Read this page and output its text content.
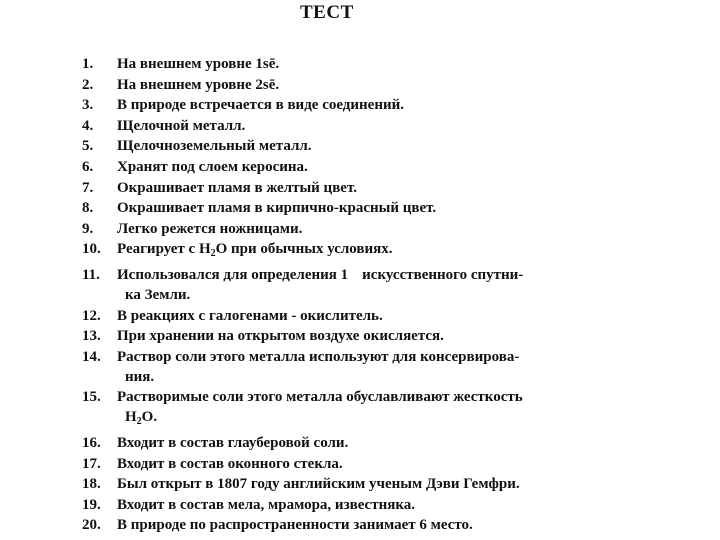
ТЕСТ
1.	На внешнем уровне 1sē.
2.	На внешнем уровне 2sē.
3.	В природе встречается в виде соединений.
4.	Щелочной металл.
5.	Щелочноземельный металл.
6.	Хранят под слоем керосина.
7.	Окрашивает пламя в желтый цвет.
8.	Окрашивает пламя в кирпично-красный цвет.
9.	Легко режется ножницами.
10.	Реагирует с $H_2O$ при обычных условиях.
11.	Использовался для определения 1 искусственного спутни-
ка Земли.
12.	В реакциях с галогенами - окислитель.
13.	При хранении на открытом воздухе окисляется.
14.	Раствор соли этого металла используют для консервирова-
ния.
15.	Растворимые соли этого металла обуславливают жесткость
$H_2O$.
16.	Входит в состав глауберовой соли.
17.	Входит в состав оконного стекла.
18.	Был открыт в 1807 году английским ученым Дэви Гемфри.
19.	Входит в состав мела, мрамора, известняка.
20.	В природе по распространенности занимает 6 место.
